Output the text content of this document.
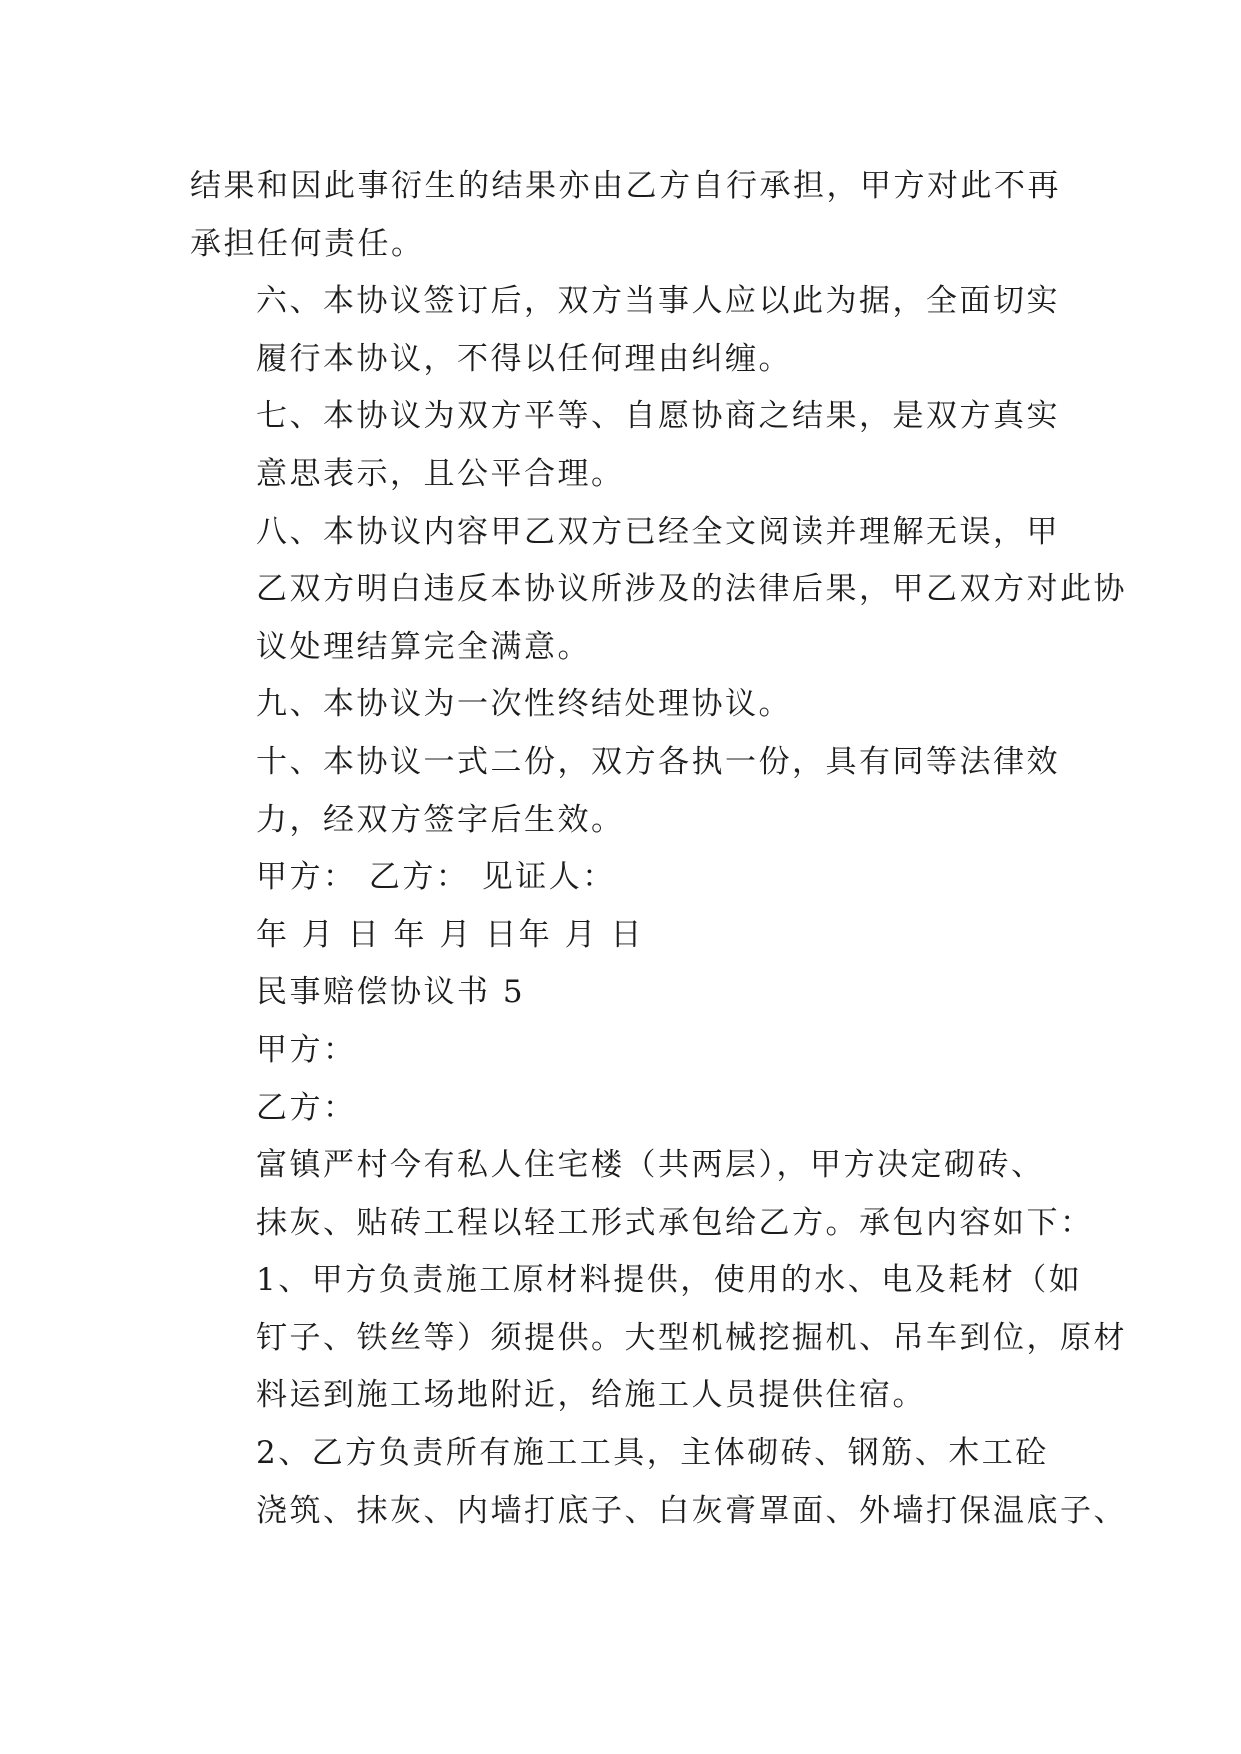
结果和因此事衍生的结果亦由乙方自行承担，甲方对此不再
承担任何责任。

六、本协议签订后，双方当事人应以此为据，全面切实
履行本协议，不得以任何理由纠缠。

七、本协议为双方平等、自愿协商之结果，是双方真实
意思表示，且公平合理。

八、本协议内容甲乙双方已经全文阅读并理解无误，甲
乙双方明白违反本协议所涉及的法律后果，甲乙双方对此协
议处理结算完全满意。

九、本协议为一次性终结处理协议。

十、本协议一式二份，双方各执一份，具有同等法律效
力，经双方签字后生效。

甲方： 乙方： 见证人：

年 月 日 年 月 日年 月 日

民事赔偿协议书 5

甲方：

乙方：

富镇严村今有私人住宅楼（共两层），甲方决定砌砖、
抹灰、贴砖工程以轻工形式承包给乙方。承包内容如下：

1、甲方负责施工原材料提供，使用的水、电及耗材（如
钉子、铁丝等）须提供。大型机械挖掘机、吊车到位，原材
料运到施工场地附近，给施工人员提供住宿。

2、乙方负责所有施工工具，主体砌砖、钢筋、木工砼
浇筑、抹灰、内墙打底子、白灰膏罩面、外墙打保温底子、
